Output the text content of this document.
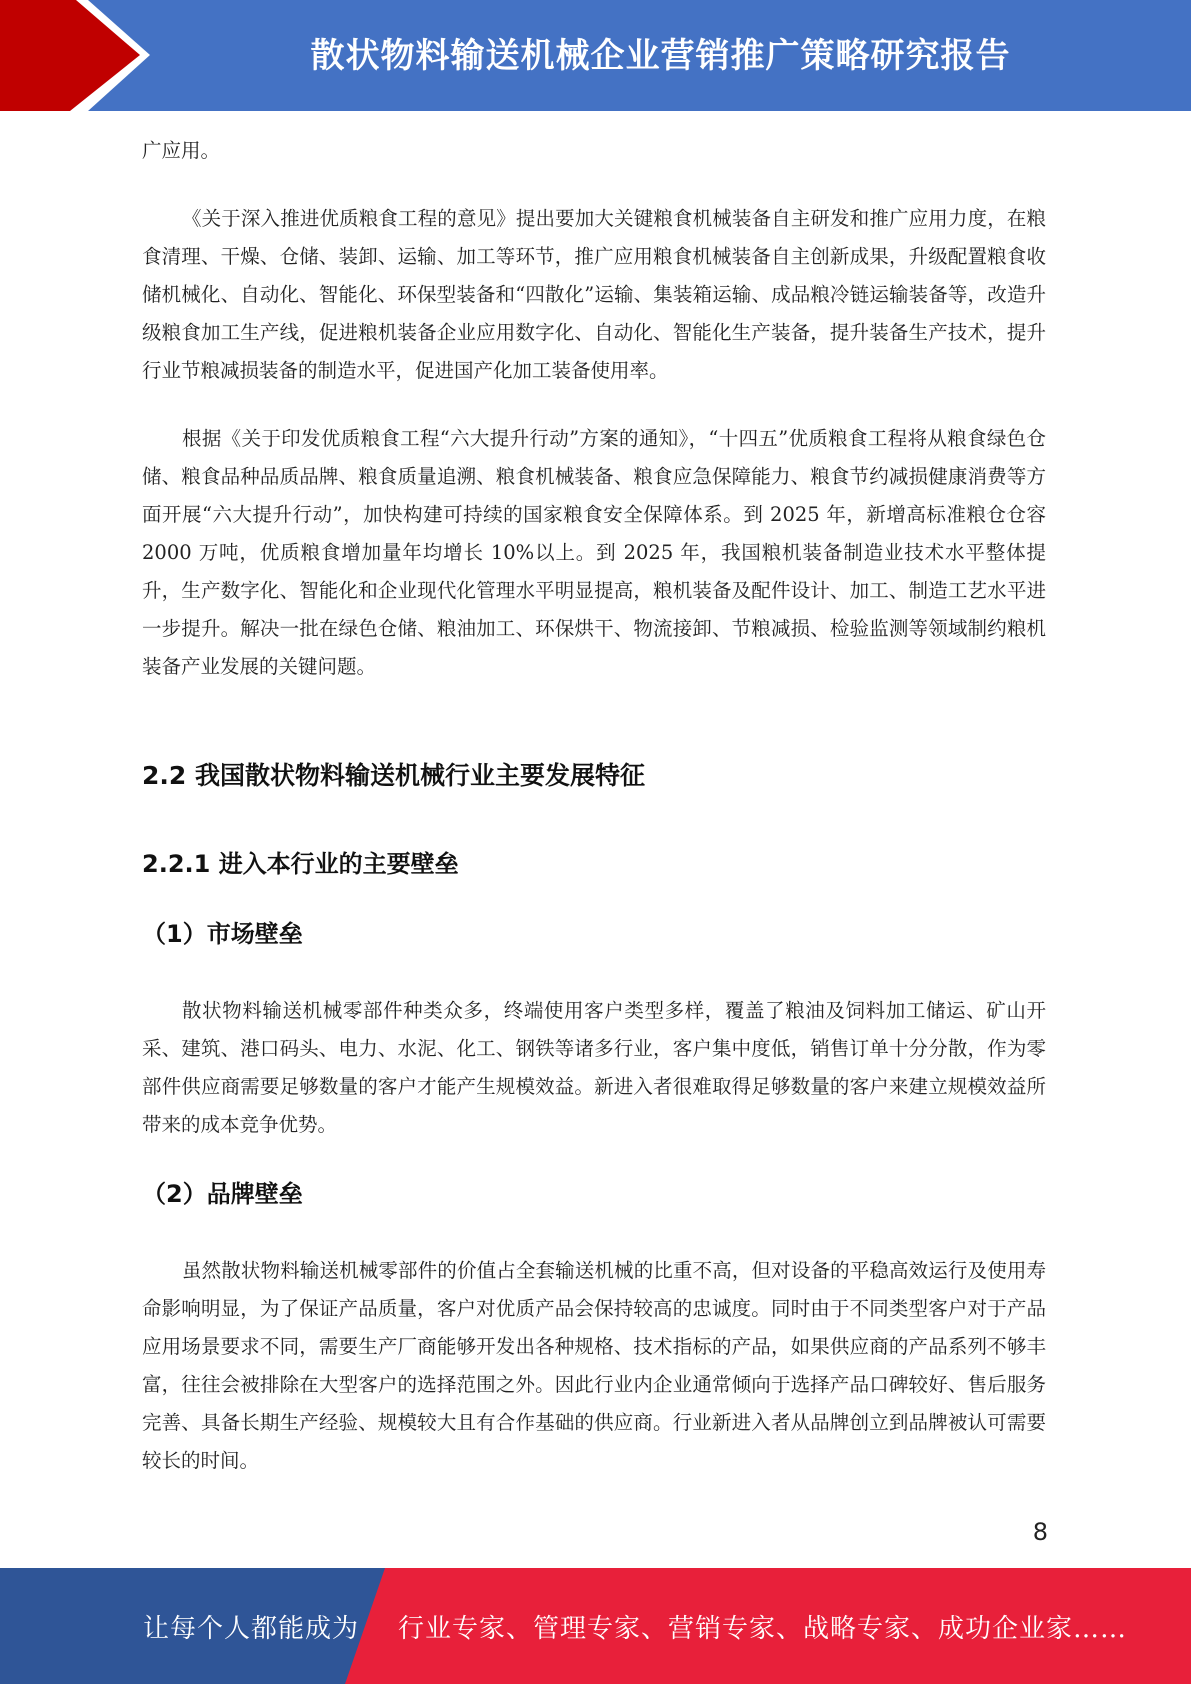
散状物料输送机械企业营销推广策略研究报告

广应用。

《关于深入推进优质粮食工程的意见》提出要加大关键粮食机械装备自主研发和推广应用力度，在粮食清理、干燥、仓储、装卸、运输、加工等环节，推广应用粮食机械装备自主创新成果，升级配置粮食收储机械化、自动化、智能化、环保型装备和“四散化”运输、集装箱运输、成品粮冷链运输装备等，改造升级粮食加工生产线，促进粮机装备企业应用数字化、自动化、智能化生产装备，提升装备生产技术，提升行业节粮减损装备的制造水平，促进国产化加工装备使用率。

根据《关于印发优质粮食工程“六大提升行动”方案的通知》，“十四五”优质粮食工程将从粮食绿色仓储、粮食品种品质品牌、粮食质量追溯、粮食机械装备、粮食应急保障能力、粮食节约减损健康消费等方面开展“六大提升行动”，加快构建可持续的国家粮食安全保障体系。到 2025 年，新增高标准粮仓仓容 2000 万吨，优质粮食增加量年均增长 10%以上。到 2025 年，我国粮机装备制造业技术水平整体提升，生产数字化、智能化和企业现代化管理水平明显提高，粮机装备及配件设计、加工、制造工艺水平进一步提升。解决一批在绿色仓储、粮油加工、环保烘干、物流接卸、节粮减损、检验监测等领域制约粮机装备产业发展的关键问题。

2.2 我国散状物料输送机械行业主要发展特征
2.2.1 进入本行业的主要壁垒
（1）市场壁垒

散状物料输送机械零部件种类众多，终端使用客户类型多样，覆盖了粮油及饲料加工储运、矿山开采、建筑、港口码头、电力、水泥、化工、钢铁等诸多行业，客户集中度低，销售订单十分分散，作为零部件供应商需要足够数量的客户才能产生规模效益。新进入者很难取得足够数量的客户来建立规模效益所带来的成本竞争优势。

（2）品牌壁垒

虽然散状物料输送机械零部件的价值占全套输送机械的比重不高，但对设备的平稳高效运行及使用寿命影响明显，为了保证产品质量，客户对优质产品会保持较高的忠诚度。同时由于不同类型客户对于产品应用场景要求不同，需要生产厂商能够开发出各种规格、技术指标的产品，如果供应商的产品系列不够丰富，往往会被排除在大型客户的选择范围之外。因此行业内企业通常倾向于选择产品口碑较好、售后服务完善、具备长期生产经验、规模较大且有合作基础的供应商。行业新进入者从品牌创立到品牌被认可需要较长的时间。

8
让每个人都能成为 行业专家、管理专家、营销专家、战略专家、成功企业家……
